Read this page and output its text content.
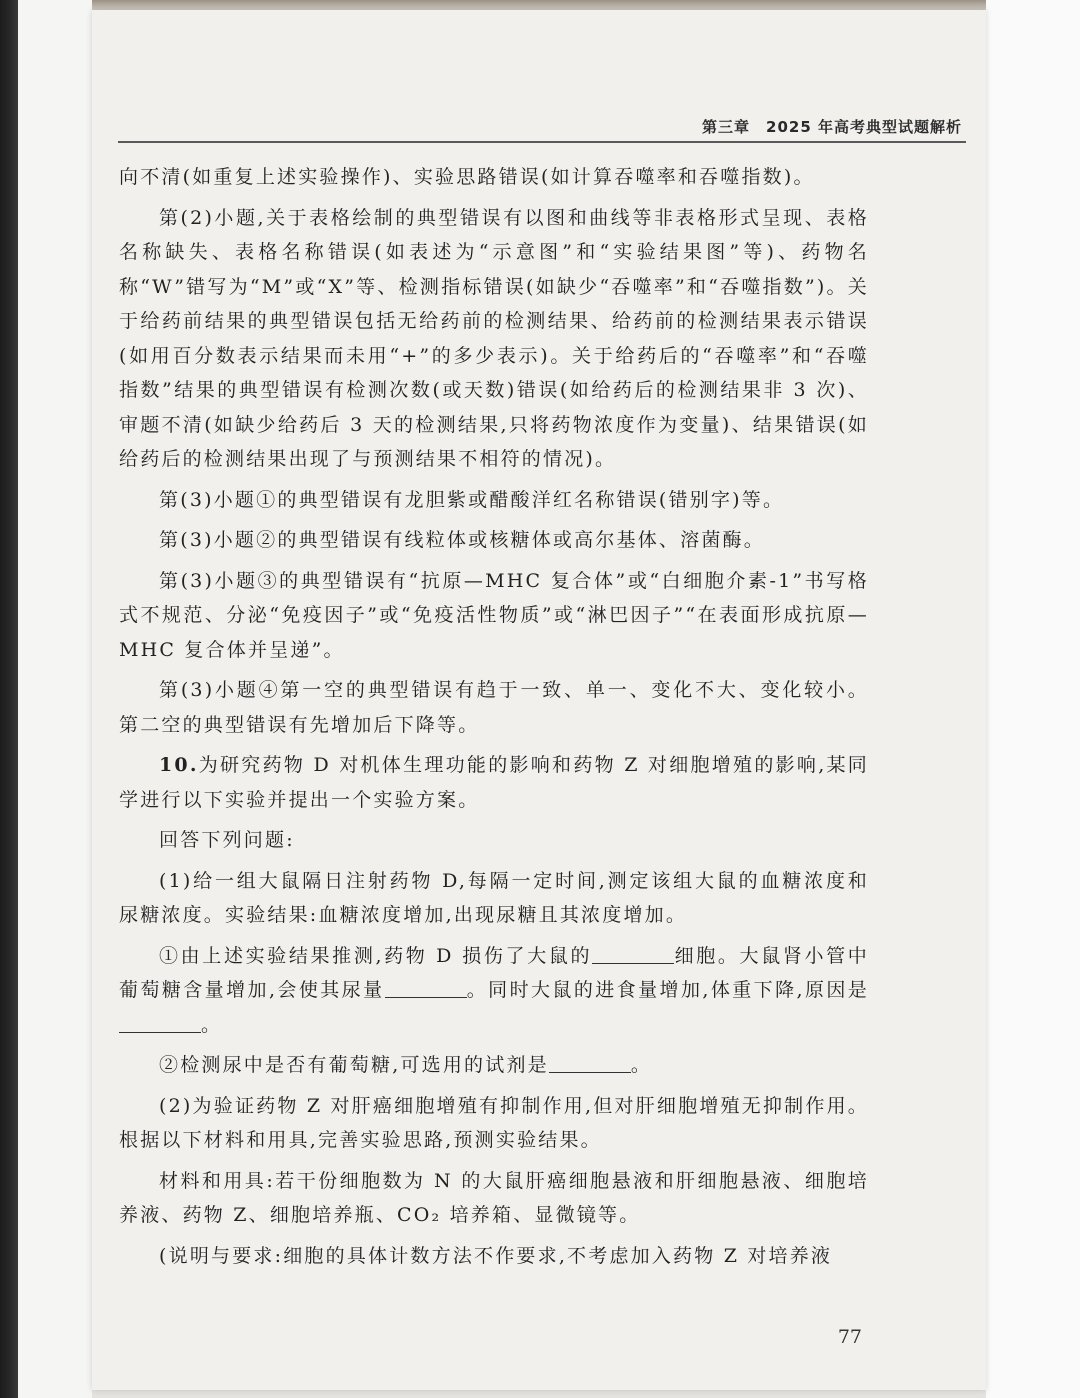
第三章　2025 年高考典型试题解析

向不清(如重复上述实验操作)、实验思路错误(如计算吞噬率和吞噬指数)。

第(2)小题,关于表格绘制的典型错误有以图和曲线等非表格形式呈现、表格名称缺失、表格名称错误(如表述为“示意图”和“实验结果图”等)、药物名称“W”错写为“M”或“X”等、检测指标错误(如缺少“吞噬率”和“吞噬指数”)。关于给药前结果的典型错误包括无给药前的检测结果、给药前的检测结果表示错误(如用百分数表示结果而未用“+”的多少表示)。关于给药后的“吞噬率”和“吞噬指数”结果的典型错误有检测次数(或天数)错误(如给药后的检测结果非 3 次)、审题不清(如缺少给药后 3 天的检测结果,只将药物浓度作为变量)、结果错误(如给药后的检测结果出现了与预测结果不相符的情况)。

第(3)小题①的典型错误有龙胆紫或醋酸洋红名称错误(错别字)等。

第(3)小题②的典型错误有线粒体或核糖体或高尔基体、溶菌酶。

第(3)小题③的典型错误有“抗原—MHC 复合体”或“白细胞介素-1”书写格式不规范、分泌“免疫因子”或“免疫活性物质”或“淋巴因子”“在表面形成抗原—MHC 复合体并呈递”。

第(3)小题④第一空的典型错误有趋于一致、单一、变化不大、变化较小。第二空的典型错误有先增加后下降等。

10.为研究药物 D 对机体生理功能的影响和药物 Z 对细胞增殖的影响,某同学进行以下实验并提出一个实验方案。

回答下列问题:

(1)给一组大鼠隔日注射药物 D,每隔一定时间,测定该组大鼠的血糖浓度和尿糖浓度。实验结果:血糖浓度增加,出现尿糖且其浓度增加。

①由上述实验结果推测,药物 D 损伤了大鼠的	细胞。大鼠肾小管中葡萄糖含量增加,会使其尿量	。同时大鼠的进食量增加,体重下降,原因是。

②检测尿中是否有葡萄糖,可选用的试剂是	。

(2)为验证药物 Z 对肝癌细胞增殖有抑制作用,但对肝细胞增殖无抑制作用。根据以下材料和用具,完善实验思路,预测实验结果。

材料和用具:若干份细胞数为 N 的大鼠肝癌细胞悬液和肝细胞悬液、细胞培养液、药物 Z、细胞培养瓶、CO₂ 培养箱、显微镜等。

(说明与要求:细胞的具体计数方法不作要求,不考虑加入药物 Z 对培养液

77
